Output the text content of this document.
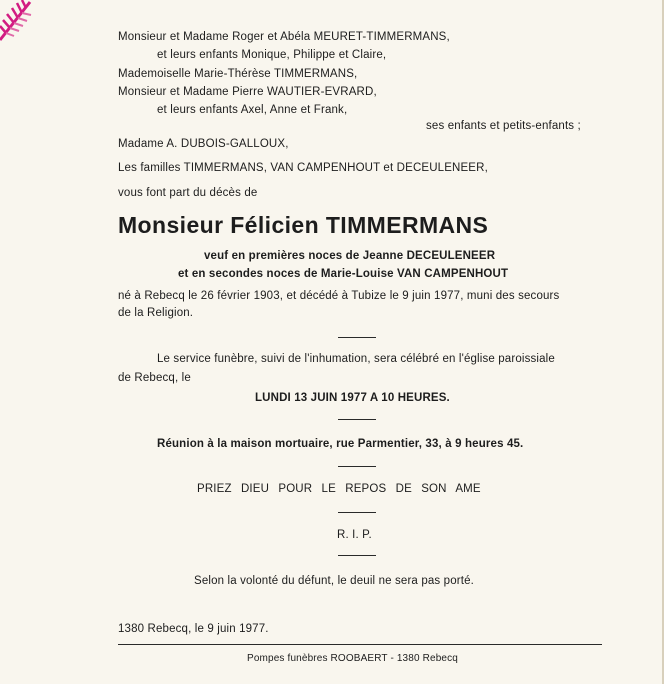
Monsieur et Madame Roger et Abéla MEURET-TIMMERMANS,
et leurs enfants Monique, Philippe et Claire,
Mademoiselle Marie-Thérèse TIMMERMANS,
Monsieur et Madame Pierre WAUTIER-EVRARD,
et leurs enfants Axel, Anne et Frank,
ses enfants et petits-enfants ;
Madame A. DUBOIS-GALLOUX,
Les familles TIMMERMANS, VAN CAMPENHOUT et DECEULENEER,
vous font part du décès de
Monsieur Félicien TIMMERMANS
veuf en premières noces de Jeanne DECEULENEER
et en secondes noces de Marie-Louise VAN CAMPENHOUT
né à Rebecq le 26 février 1903, et décédé à Tubize le 9 juin 1977, muni des secours
de la Religion.
Le service funèbre, suivi de l'inhumation, sera célébré en l'église paroissiale
de Rebecq, le
LUNDI 13 JUIN 1977 A 10 HEURES.
Réunion à la maison mortuaire, rue Parmentier, 33, à 9 heures 45.
PRIEZ DIEU POUR LE REPOS DE SON AME
R. I. P.
Selon la volonté du défunt, le deuil ne sera pas porté.
1380 Rebecq, le 9 juin 1977.
Pompes funèbres ROOBAERT - 1380 Rebecq
